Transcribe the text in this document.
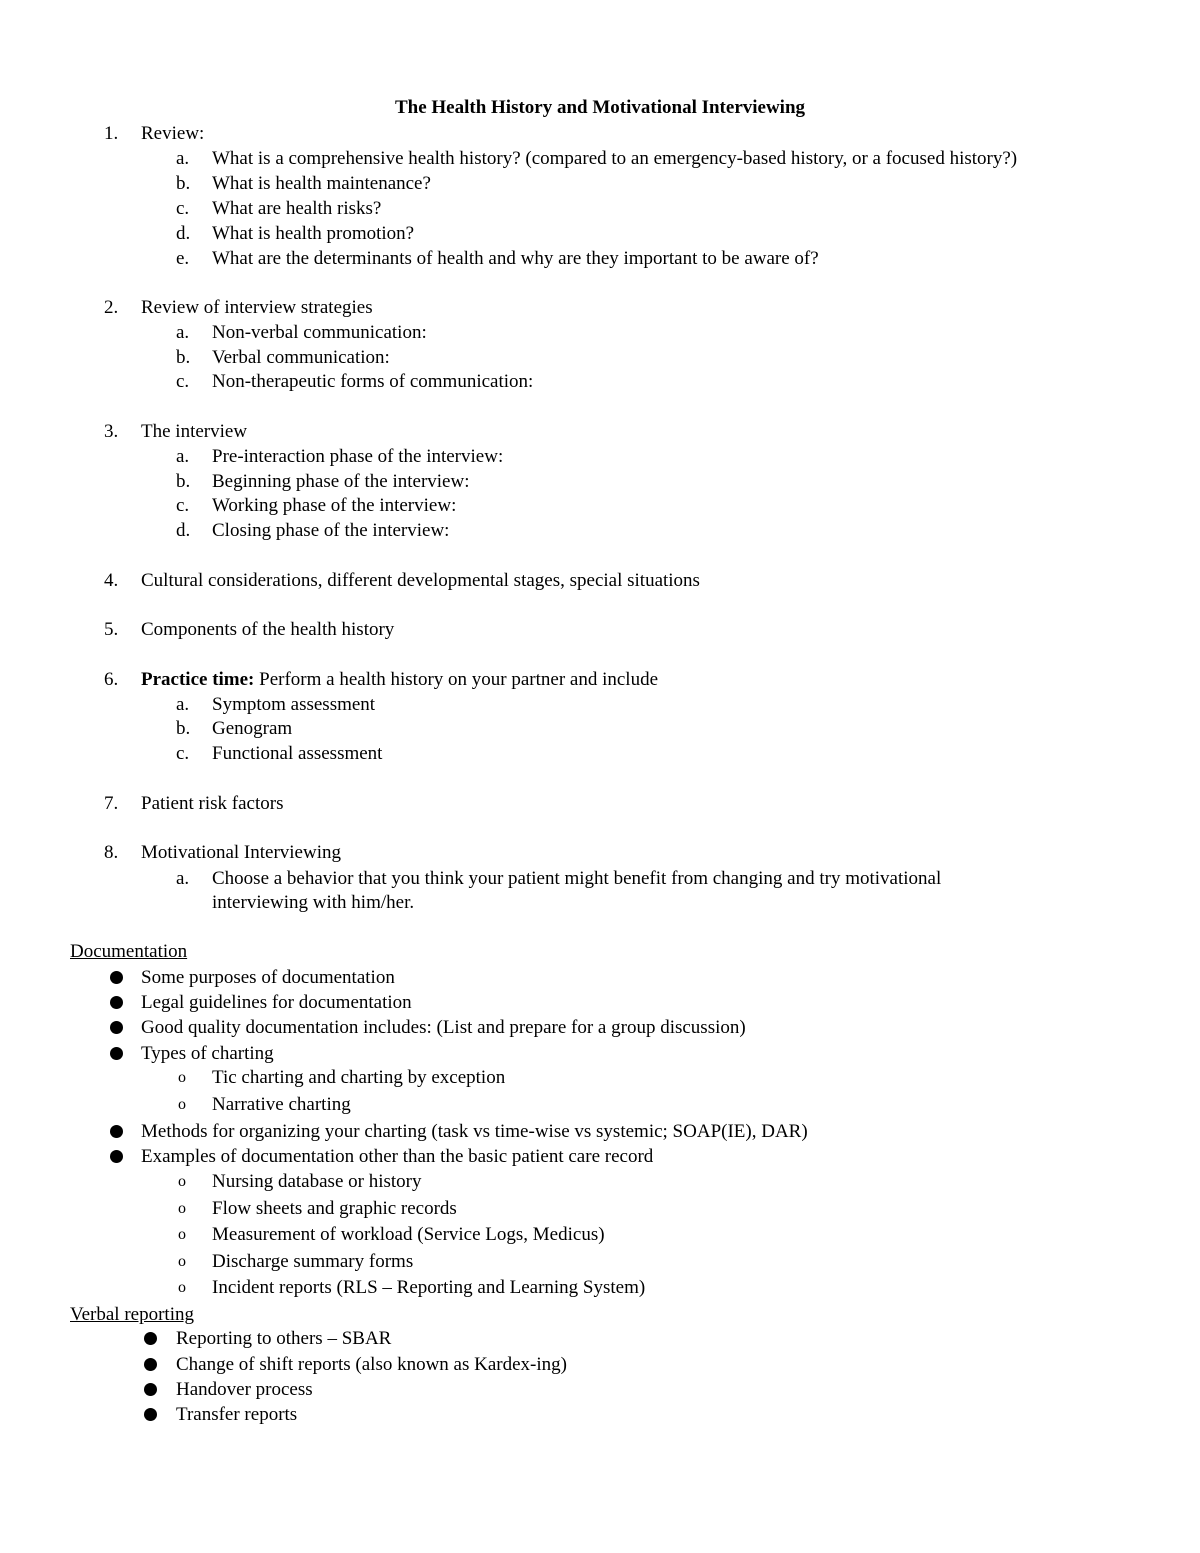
The Health History and Motivational Interviewing
1. Review:
a. What is a comprehensive health history? (compared to an emergency-based history, or a focused history?)
b. What is health maintenance?
c. What are health risks?
d. What is health promotion?
e. What are the determinants of health and why are they important to be aware of?
2. Review of interview strategies
a. Non-verbal communication:
b. Verbal communication:
c. Non-therapeutic forms of communication:
3. The interview
a. Pre-interaction phase of the interview:
b. Beginning phase of the interview:
c. Working phase of the interview:
d. Closing phase of the interview:
4. Cultural considerations, different developmental stages, special situations
5. Components of the health history
6. Practice time: Perform a health history on your partner and include
a. Symptom assessment
b. Genogram
c. Functional assessment
7. Patient risk factors
8. Motivational Interviewing
a. Choose a behavior that you think your patient might benefit from changing and try motivational
interviewing with him/her.
Documentation
Some purposes of documentation
Legal guidelines for documentation
Good quality documentation includes: (List and prepare for a group discussion)
Types of charting
o Tic charting and charting by exception
o Narrative charting
Methods for organizing your charting (task vs time-wise vs systemic; SOAP(IE), DAR)
Examples of documentation other than the basic patient care record
o Nursing database or history
o Flow sheets and graphic records
o Measurement of workload (Service Logs, Medicus)
o Discharge summary forms
o Incident reports (RLS – Reporting and Learning System)
Verbal reporting
Reporting to others – SBAR
Change of shift reports (also known as Kardex-ing)
Handover process
Transfer reports
